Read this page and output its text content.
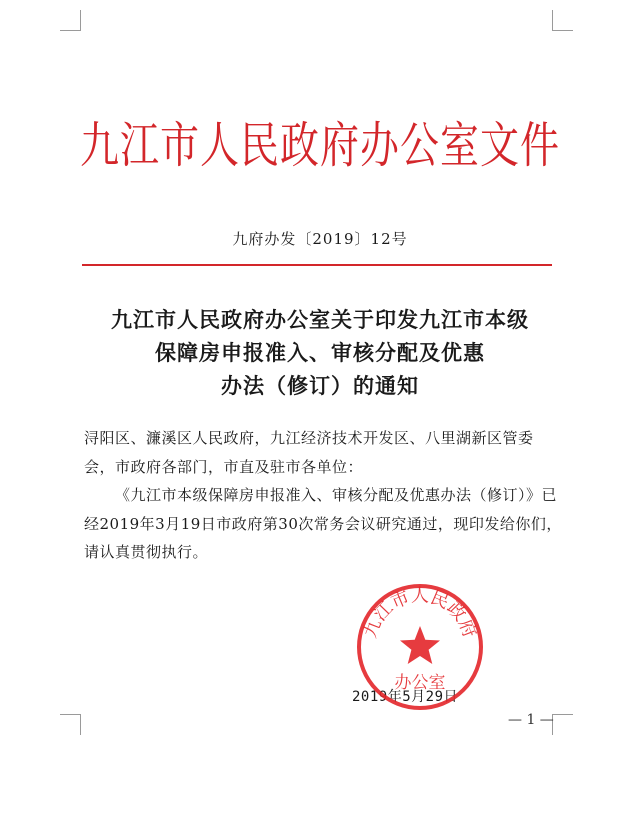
九江市人民政府办公室文件
九府办发〔2019〕12号
九江市人民政府办公室关于印发九江市本级
保障房申报准入、审核分配及优惠
办法（修订）的通知

浔阳区、濂溪区人民政府，九江经济技术开发区、八里湖新区管委会，市政府各部门，市直及驻市各单位：

《九江市本级保障房申报准入、审核分配及优惠办法（修订）》已经2019年3月19日市政府第30次常务会议研究通过，现印发给你们，请认真贯彻执行。

2019年5月29日
九江市人民政府
办公室
— 1 —
